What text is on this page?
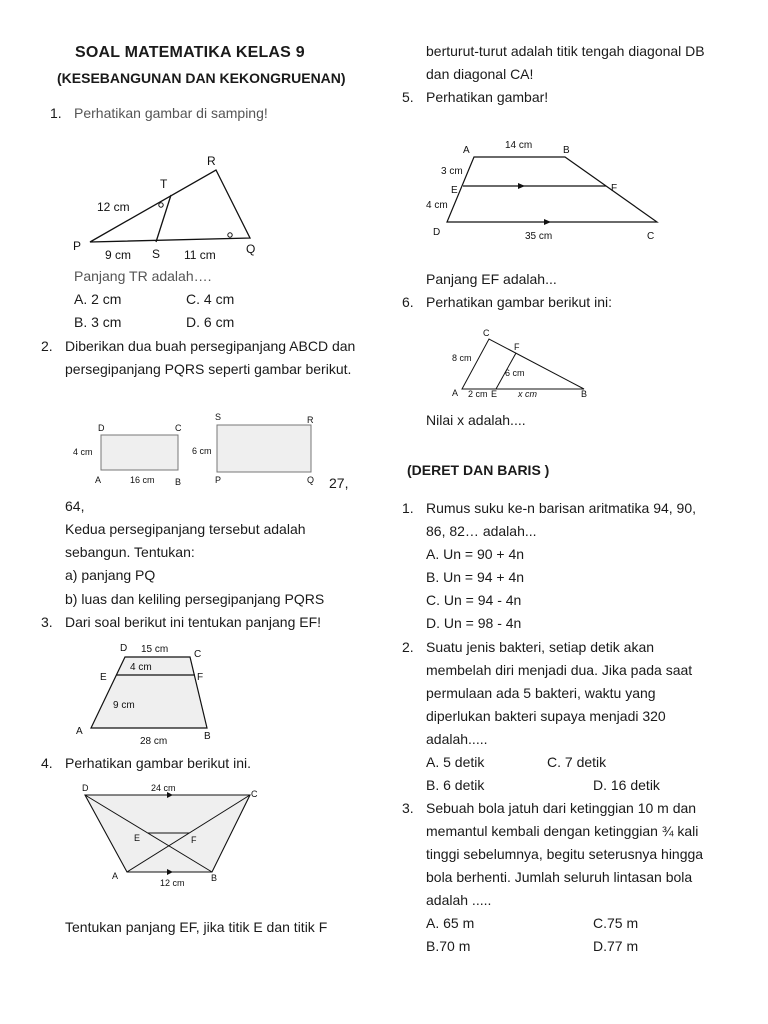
SOAL MATEMATIKA KELAS 9
(KESEBANGUNAN DAN KEKONGRUENAN)
1. Perhatikan gambar di samping!
R
T
P
S	Q
12 cm
9 cm	11 cm
Panjang TR adalah….
A. 2 cm	C. 4 cm
B. 3 cm	D. 6 cm
2. Diberikan dua buah persegipanjang ABCD dan
persegipanjang PQRS seperti gambar berikut.
D	C
A	B
4 cm
16 cm
S	R
P	Q
6 cm
27,
64,
Kedua persegipanjang tersebut adalah
sebangun. Tentukan:
a) panjang PQ
b) luas dan keliling persegipanjang PQRS
3. Dari soal berikut ini tentukan panjang EF!
15 cm
D
C
4 cm
E	F
9 cm
A	B
28 cm
4. Perhatikan gambar berikut ini.
D	24 cm
C
E	F
A
12 cm	B
Tentukan panjang EF, jika titik E dan titik F
berturut-turut adalah titik tengah diagonal DB
dan diagonal CA!
5. Perhatikan gambar!
A	14 cm	B
3 cm
E	F
4 cm
D	35 cm	C
Panjang EF adalah...
6. Perhatikan gambar berikut ini:
C
F
8 cm
6 cm
A 2 cm E x cm	B
Nilai x adalah....
(DERET DAN BARIS )
1. Rumus suku ke-n barisan aritmatika 94, 90,
86, 82… adalah...
A. Un = 90 + 4n
B. Un = 94 + 4n
C. Un = 94 - 4n
D. Un = 98 - 4n
2. Suatu jenis bakteri, setiap detik akan
membelah diri menjadi dua. Jika pada saat
permulaan ada 5 bakteri, waktu yang
diperlukan bakteri supaya menjadi 320
adalah.....
A. 5 detik	C. 7 detik
B. 6 detik	D. 16 detik
3. Sebuah bola jatuh dari ketinggian 10 m dan
memantul kembali dengan ketinggian ¾ kali
tinggi sebelumnya, begitu seterusnya hingga
bola berhenti. Jumlah seluruh lintasan bola
adalah .....
A. 65 m	C.75 m
B.70 m	D.77 m
